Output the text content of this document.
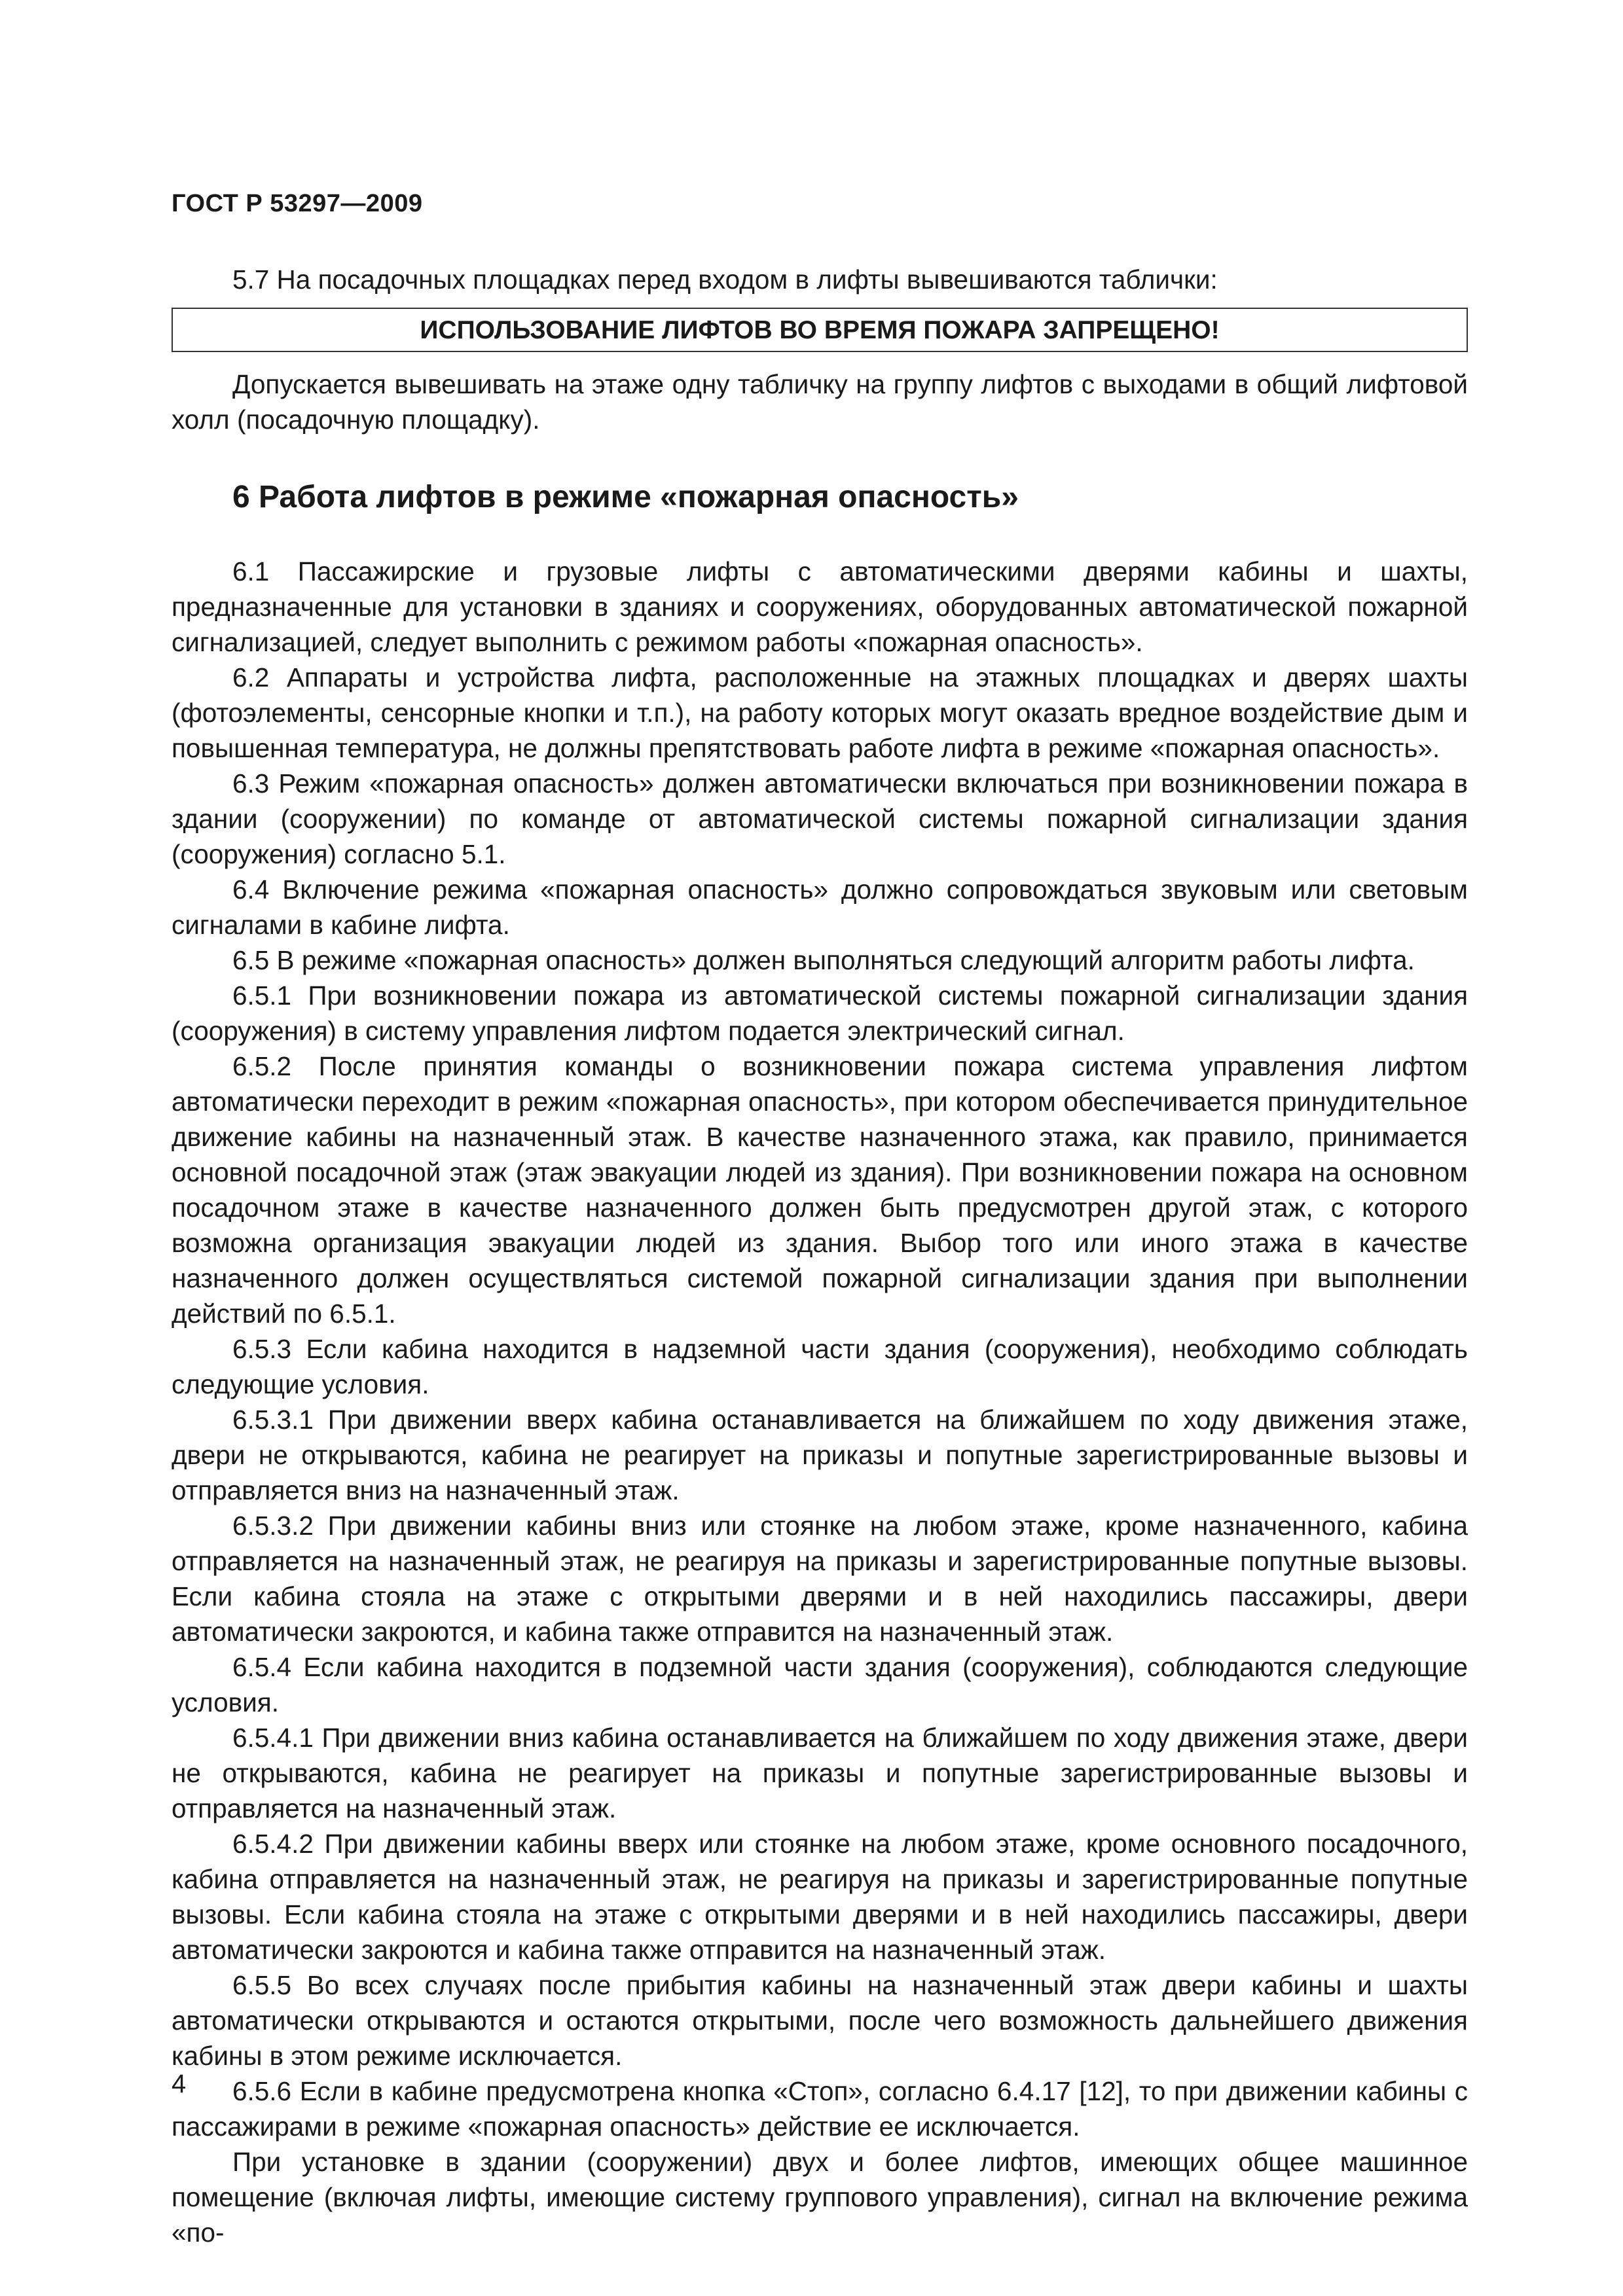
ГОСТ Р 53297—2009

5.7 На посадочных площадках перед входом в лифты вывешиваются таблички:

ИСПОЛЬЗОВАНИЕ ЛИФТОВ ВО ВРЕМЯ ПОЖАРА ЗАПРЕЩЕНО!

Допускается вывешивать на этаже одну табличку на группу лифтов с выходами в общий лифтовой холл (посадочную площадку).

6 Работа лифтов в режиме «пожарная опасность»

6.1 Пассажирские и грузовые лифты с автоматическими дверями кабины и шахты, предназначенные для установки в зданиях и сооружениях, оборудованных автоматической пожарной сигнализацией, следует выполнить с режимом работы «пожарная опасность».

6.2 Аппараты и устройства лифта, расположенные на этажных площадках и дверях шахты (фотоэлементы, сенсорные кнопки и т.п.), на работу которых могут оказать вредное воздействие дым и повышенная температура, не должны препятствовать работе лифта в режиме «пожарная опасность».

6.3 Режим «пожарная опасность» должен автоматически включаться при возникновении пожара в здании (сооружении) по команде от автоматической системы пожарной сигнализации здания (сооружения) согласно 5.1.

6.4 Включение режима «пожарная опасность» должно сопровождаться звуковым или световым сигналами в кабине лифта.

6.5 В режиме «пожарная опасность» должен выполняться следующий алгоритм работы лифта.

6.5.1 При возникновении пожара из автоматической системы пожарной сигнализации здания (сооружения) в систему управления лифтом подается электрический сигнал.

6.5.2 После принятия команды о возникновении пожара система управления лифтом автоматически переходит в режим «пожарная опасность», при котором обеспечивается принудительное движение кабины на назначенный этаж. В качестве назначенного этажа, как правило, принимается основной посадочной этаж (этаж эвакуации людей из здания). При возникновении пожара на основном посадочном этаже в качестве назначенного должен быть предусмотрен другой этаж, с которого возможна организация эвакуации людей из здания. Выбор того или иного этажа в качестве назначенного должен осуществляться системой пожарной сигнализации здания при выполнении действий по 6.5.1.

6.5.3 Если кабина находится в надземной части здания (сооружения), необходимо соблюдать следующие условия.

6.5.3.1 При движении вверх кабина останавливается на ближайшем по ходу движения этаже, двери не открываются, кабина не реагирует на приказы и попутные зарегистрированные вызовы и отправляется вниз на назначенный этаж.

6.5.3.2 При движении кабины вниз или стоянке на любом этаже, кроме назначенного, кабина отправляется на назначенный этаж, не реагируя на приказы и зарегистрированные попутные вызовы. Если кабина стояла на этаже с открытыми дверями и в ней находились пассажиры, двери автоматически закроются, и кабина также отправится на назначенный этаж.

6.5.4 Если кабина находится в подземной части здания (сооружения), соблюдаются следующие условия.

6.5.4.1 При движении вниз кабина останавливается на ближайшем по ходу движения этаже, двери не открываются, кабина не реагирует на приказы и попутные зарегистрированные вызовы и отправляется на назначенный этаж.

6.5.4.2 При движении кабины вверх или стоянке на любом этаже, кроме основного посадочного, кабина отправляется на назначенный этаж, не реагируя на приказы и зарегистрированные попутные вызовы. Если кабина стояла на этаже с открытыми дверями и в ней находились пассажиры, двери автоматически закроются и кабина также отправится на назначенный этаж.

6.5.5 Во всех случаях после прибытия кабины на назначенный этаж двери кабины и шахты автоматически открываются и остаются открытыми, после чего возможность дальнейшего движения кабины в этом режиме исключается.

6.5.6 Если в кабине предусмотрена кнопка «Стоп», согласно 6.4.17 [12], то при движении кабины с пассажирами в режиме «пожарная опасность» действие ее исключается.

При установке в здании (сооружении) двух и более лифтов, имеющих общее машинное помещение (включая лифты, имеющие систему группового управления), сигнал на включение режима «по-

4
